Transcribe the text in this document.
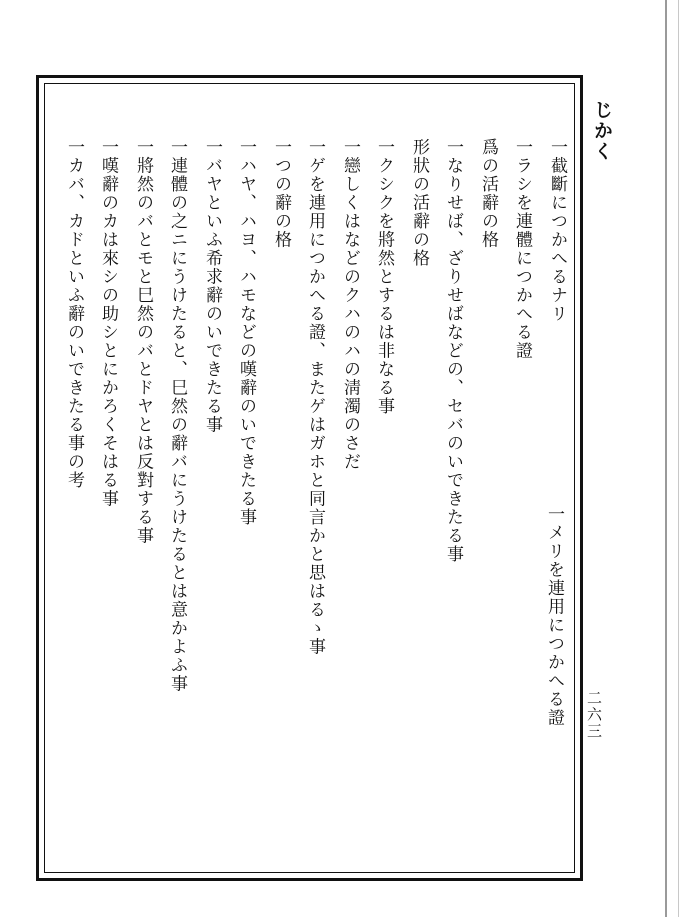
じかく
二六三
一截斷につかへるナリ
一ラシを連體につかへる證
爲の活辭の格
一なりせば、ざりせばなどの、セバのいできたる事
形狀の活辭の格
一クシクを將然とするは非なる事
一戀しくはなどのクハのハの淸濁のさだ
一ゲを連用につかへる證、またゲはガホと同言かと思はるゝ事
一つの辭の格
一ハヤ、ハヨ、ハモなどの嘆辭のいできたる事
一バヤといふ希求辭のいできたる事
一連體の之ニにうけたると、巳然の辭バにうけたるとは意かよふ事
一將然のバとモと巳然のバとドヤとは反對する事
一嘆辭のカは來シの助シとにかろくそはる事
一カバ、カドといふ辭のいできたる事の考
一メリを連用につかへる證
